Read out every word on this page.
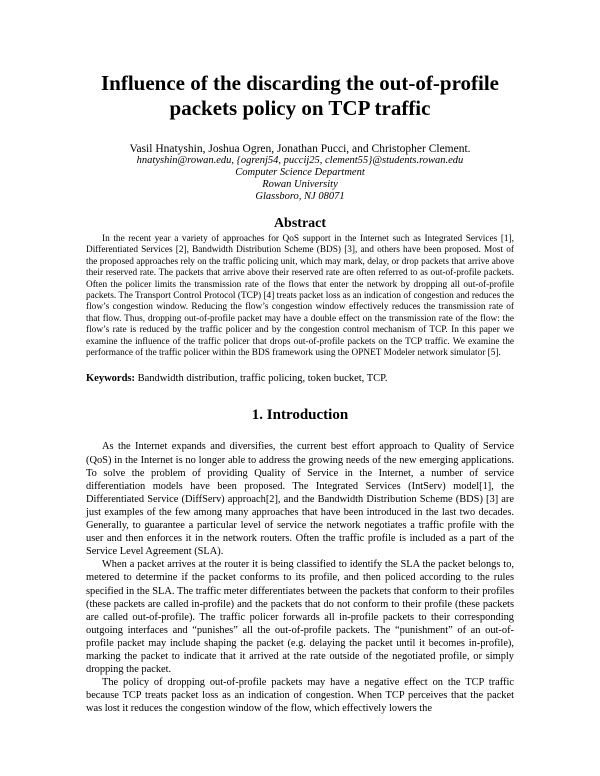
Influence of the discarding the out-of-profile
packets policy on TCP traffic
Vasil Hnatyshin, Joshua Ogren, Jonathan Pucci, and Christopher Clement.
hnatyshin@rowan.edu, {ogrenj54, puccij25, clement55}@students.rowan.edu
Computer Science Department
Rowan University
Glassboro, NJ 08071
Abstract

In the recent year a variety of approaches for QoS support in the Internet such as Integrated Services [1], Differentiated Services [2], Bandwidth Distribution Scheme (BDS) [3], and others have been proposed. Most of the proposed approaches rely on the traffic policing unit, which may mark, delay, or drop packets that arrive above their reserved rate. The packets that arrive above their reserved rate are often referred to as out-of-profile packets. Often the policer limits the transmission rate of the flows that enter the network by dropping all out-of-profile packets. The Transport Control Protocol (TCP) [4] treats packet loss as an indication of congestion and reduces the flow’s congestion window. Reducing the flow’s congestion window effectively reduces the transmission rate of that flow. Thus, dropping out-of-profile packet may have a double effect on the transmission rate of the flow: the flow’s rate is reduced by the traffic policer and by the congestion control mechanism of TCP. In this paper we examine the influence of the traffic policer that drops out-of-profile packets on the TCP traffic. We examine the performance of the traffic policer within the BDS framework using the OPNET Modeler network simulator [5].

Keywords: Bandwidth distribution, traffic policing, token bucket, TCP.
1. Introduction

As the Internet expands and diversifies, the current best effort approach to Quality of Service (QoS) in the Internet is no longer able to address the growing needs of the new emerging applications. To solve the problem of providing Quality of Service in the Internet, a number of service differentiation models have been proposed. The Integrated Services (IntServ) model[1], the Differentiated Service (DiffServ) approach[2], and the Bandwidth Distribution Scheme (BDS) [3] are just examples of the few among many approaches that have been introduced in the last two decades. Generally, to guarantee a particular level of service the network negotiates a traffic profile with the user and then enforces it in the network routers. Often the traffic profile is included as a part of the Service Level Agreement (SLA).

When a packet arrives at the router it is being classified to identify the SLA the packet belongs to, metered to determine if the packet conforms to its profile, and then policed according to the rules specified in the SLA. The traffic meter differentiates between the packets that conform to their profiles (these packets are called in-profile) and the packets that do not conform to their profile (these packets are called out-of-profile). The traffic policer forwards all in-profile packets to their corresponding outgoing interfaces and “punishes” all the out-of-profile packets. The “punishment” of an out-of-profile packet may include shaping the packet (e.g. delaying the packet until it becomes in-profile), marking the packet to indicate that it arrived at the rate outside of the negotiated profile, or simply dropping the packet.

The policy of dropping out-of-profile packets may have a negative effect on the TCP traffic because TCP treats packet loss as an indication of congestion. When TCP perceives that the packet was lost it reduces the congestion window of the flow, which effectively lowers the
